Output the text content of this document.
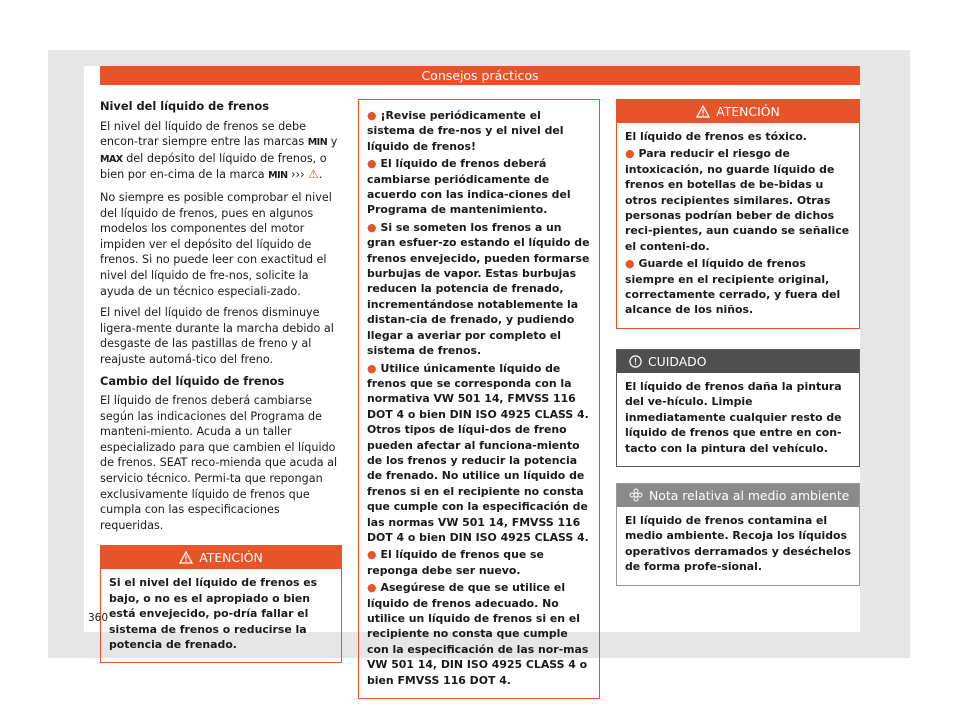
Consejos prácticos
Nivel del líquido de frenos

El nivel del líquido de frenos se debe encon-trar siempre entre las marcas MIN y MAX del depósito del líquido de frenos, o bien por en-cima de la marca MIN ››› ⚠.

No siempre es posible comprobar el nivel del líquido de frenos, pues en algunos modelos los componentes del motor impiden ver el depósito del líquido de frenos. Si no puede leer con exactitud el nivel del líquido de fre-nos, solicite la ayuda de un técnico especiali-zado.

El nivel del líquido de frenos disminuye ligera-mente durante la marcha debido al desgaste de las pastillas de freno y al reajuste automá-tico del freno.

Cambio del líquido de frenos

El líquido de frenos deberá cambiarse según las indicaciones del Programa de manteni-miento. Acuda a un taller especializado para que cambien el líquido de frenos. SEAT reco-mienda que acuda al servicio técnico. Permi-ta que repongan exclusivamente líquido de frenos que cumpla con las especificaciones requeridas.

ATENCIÓN

Si el nivel del líquido de frenos es bajo, o no es el apropiado o bien está envejecido, po-dría fallar el sistema de frenos o reducirse la potencia de frenado.

● ¡Revise periódicamente el sistema de fre-nos y el nivel del líquido de frenos!

● El líquido de frenos deberá cambiarse periódicamente de acuerdo con las indica-ciones del Programa de mantenimiento.

● Si se someten los frenos a un gran esfuer-zo estando el líquido de frenos envejecido, pueden formarse burbujas de vapor. Estas burbujas reducen la potencia de frenado, incrementándose notablemente la distan-cia de frenado, y pudiendo llegar a averiar por completo el sistema de frenos.

● Utilice únicamente líquido de frenos que se corresponda con la normativa VW 501 14, FMVSS 116 DOT 4 o bien DIN ISO 4925 CLASS 4. Otros tipos de líqui-dos de freno pueden afectar al funciona-miento de los frenos y reducir la potencia de frenado. No utilice un líquido de frenos si en el recipiente no consta que cumple con la especificación de las normas VW 501 14, FMVSS 116 DOT 4 o bien DIN ISO 4925 CLASS 4.

● El líquido de frenos que se reponga debe ser nuevo.

● Asegúrese de que se utilice el líquido de frenos adecuado. No utilice un líquido de frenos si en el recipiente no consta que cumple con la especificación de las nor-mas VW 501 14, DIN ISO 4925 CLASS 4 o bien FMVSS 116 DOT 4.

ATENCIÓN

El líquido de frenos es tóxico.

● Para reducir el riesgo de intoxicación, no guarde líquido de frenos en botellas de be-bidas u otros recipientes similares. Otras personas podrían beber de dichos reci-pientes, aun cuando se señalice el conteni-do.

● Guarde el líquido de frenos siempre en el recipiente original, correctamente cerrado, y fuera del alcance de los niños.

CUIDADO

El líquido de frenos daña la pintura del ve-hículo. Limpie inmediatamente cualquier resto de líquido de frenos que entre en con-tacto con la pintura del vehículo.

Nota relativa al medio ambiente

El líquido de frenos contamina el medio ambiente. Recoja los líquidos operativos derramados y deséchelos de forma profe-sional.

360
